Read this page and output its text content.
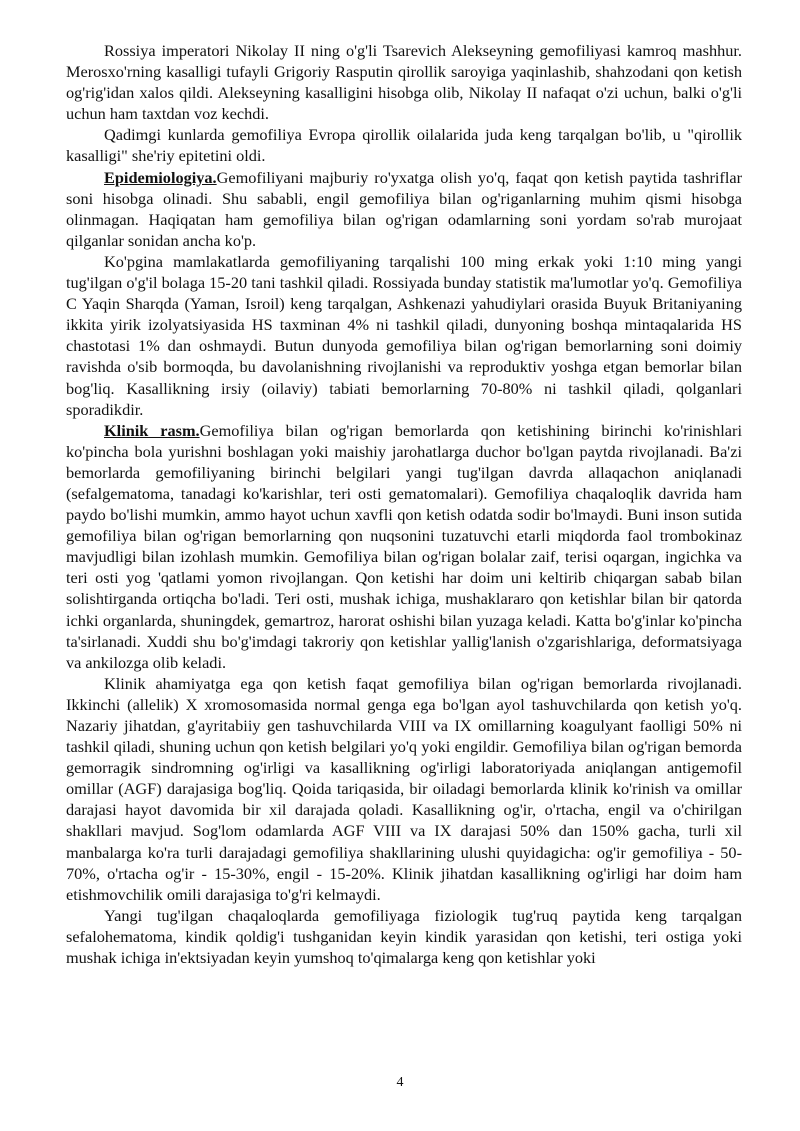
Rossiya imperatori Nikolay II ning o'g'li Tsarevich Alekseyning gemofiliyasi kamroq mashhur. Merosxo'rning kasalligi tufayli Grigoriy Rasputin qirollik saroyiga yaqinlashib, shahzodani qon ketish og'rig'idan xalos qildi. Alekseyning kasalligini hisobga olib, Nikolay II nafaqat o'zi uchun, balki o'g'li uchun ham taxtdan voz kechdi.

Qadimgi kunlarda gemofiliya Evropa qirollik oilalarida juda keng tarqalgan bo'lib, u "qirollik kasalligi" she'riy epitetini oldi.

Epidemiologiya.Gemofiliyani majburiy ro'yxatga olish yo'q, faqat qon ketish paytida tashriflar soni hisobga olinadi. Shu sababli, engil gemofiliya bilan og'riganlarning muhim qismi hisobga olinmagan. Haqiqatan ham gemofiliya bilan og'rigan odamlarning soni yordam so'rab murojaat qilganlar sonidan ancha ko'p.

Ko'pgina mamlakatlarda gemofiliyaning tarqalishi 100 ming erkak yoki 1:10 ming yangi tug'ilgan o'g'il bolaga 15-20 tani tashkil qiladi. Rossiyada bunday statistik ma'lumotlar yo'q. Gemofiliya C Yaqin Sharqda (Yaman, Isroil) keng tarqalgan, Ashkenazi yahudiylari orasida Buyuk Britaniyaning ikkita yirik izolyatsiyasida HS taxminan 4% ni tashkil qiladi, dunyoning boshqa mintaqalarida HS chastotasi 1% dan oshmaydi. Butun dunyoda gemofiliya bilan og'rigan bemorlarning soni doimiy ravishda o'sib bormoqda, bu davolanishning rivojlanishi va reproduktiv yoshga etgan bemorlar bilan bog'liq. Kasallikning irsiy (oilaviy) tabiati bemorlarning 70-80% ni tashkil qiladi, qolganlari sporadikdir.

Klinik rasm.Gemofiliya bilan og'rigan bemorlarda qon ketishining birinchi ko'rinishlari ko'pincha bola yurishni boshlagan yoki maishiy jarohatlarga duchor bo'lgan paytda rivojlanadi. Ba'zi bemorlarda gemofiliyaning birinchi belgilari yangi tug'ilgan davrda allaqachon aniqlanadi (sefalgematoma, tanadagi ko'karishlar, teri osti gematomalari). Gemofiliya chaqaloqlik davrida ham paydo bo'lishi mumkin, ammo hayot uchun xavfli qon ketish odatda sodir bo'lmaydi. Buni inson sutida gemofiliya bilan og'rigan bemorlarning qon nuqsonini tuzatuvchi etarli miqdorda faol trombokinaz mavjudligi bilan izohlash mumkin. Gemofiliya bilan og'rigan bolalar zaif, terisi oqargan, ingichka va teri osti yog 'qatlami yomon rivojlangan. Qon ketishi har doim uni keltirib chiqargan sabab bilan solishtirganda ortiqcha bo'ladi. Teri osti, mushak ichiga, mushaklararo qon ketishlar bilan bir qatorda ichki organlarda, shuningdek, gemartroz, harorat oshishi bilan yuzaga keladi. Katta bo'g'inlar ko'pincha ta'sirlanadi. Xuddi shu bo'g'imdagi takroriy qon ketishlar yallig'lanish o'zgarishlariga, deformatsiyaga va ankilozga olib keladi.

Klinik ahamiyatga ega qon ketish faqat gemofiliya bilan og'rigan bemorlarda rivojlanadi. Ikkinchi (allelik) X xromosomasida normal genga ega bo'lgan ayol tashuvchilarda qon ketish yo'q. Nazariy jihatdan, g'ayritabiiy gen tashuvchilarda VIII va IX omillarning koagulyant faolligi 50% ni tashkil qiladi, shuning uchun qon ketish belgilari yo'q yoki engildir. Gemofiliya bilan og'rigan bemorda gemorragik sindromning og'irligi va kasallikning og'irligi laboratoriyada aniqlangan antigemofil omillar (AGF) darajasiga bog'liq. Qoida tariqasida, bir oiladagi bemorlarda klinik ko'rinish va omillar darajasi hayot davomida bir xil darajada qoladi. Kasallikning og'ir, o'rtacha, engil va o'chirilgan shakllari mavjud. Sog'lom odamlarda AGF VIII va IX darajasi 50% dan 150% gacha, turli xil manbalarga ko'ra turli darajadagi gemofiliya shakllarining ulushi quyidagicha: og'ir gemofiliya - 50-70%, o'rtacha og'ir - 15-30%, engil - 15-20%. Klinik jihatdan kasallikning og'irligi har doim ham etishmovchilik omili darajasiga to'g'ri kelmaydi.

Yangi tug'ilgan chaqaloqlarda gemofiliyaga fiziologik tug'ruq paytida keng tarqalgan sefalohematoma, kindik qoldig'i tushganidan keyin kindik yarasidan qon ketishi, teri ostiga yoki mushak ichiga in'ektsiyadan keyin yumshoq to'qimalarga keng qon ketishlar yoki

4
